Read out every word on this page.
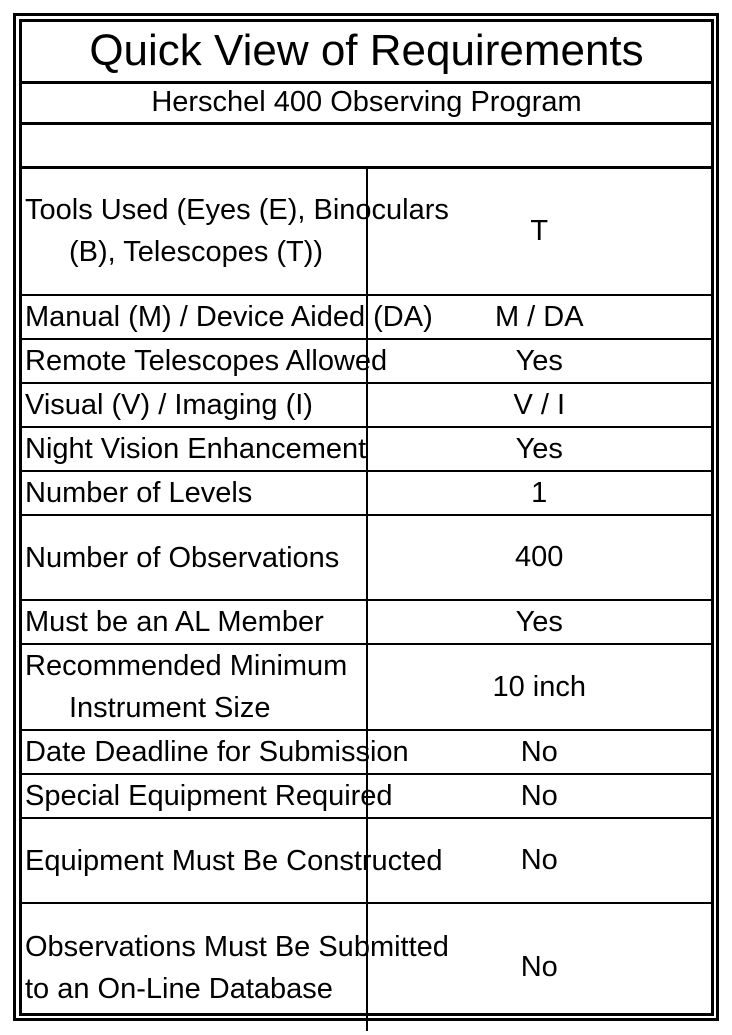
Quick View of Requirements	
Herschel 400 Observing Program	

Tools Used (Eyes (E), Binoculars
(B), Telescopes (T))	T
Manual (M) / Device Aided (DA)	M / DA
Remote Telescopes Allowed	Yes
Visual (V) / Imaging (I)	V / I
Night Vision Enhancement	Yes
Number of Levels	1
Number of Observations	400
Must be an AL Member	Yes

Recommended Minimum
Instrument Size	10 inch
Date Deadline for Submission	No
Special Equipment Required	No
Equipment Must Be Constructed	No

Observations Must Be Submitted
to an On-Line Database	No
